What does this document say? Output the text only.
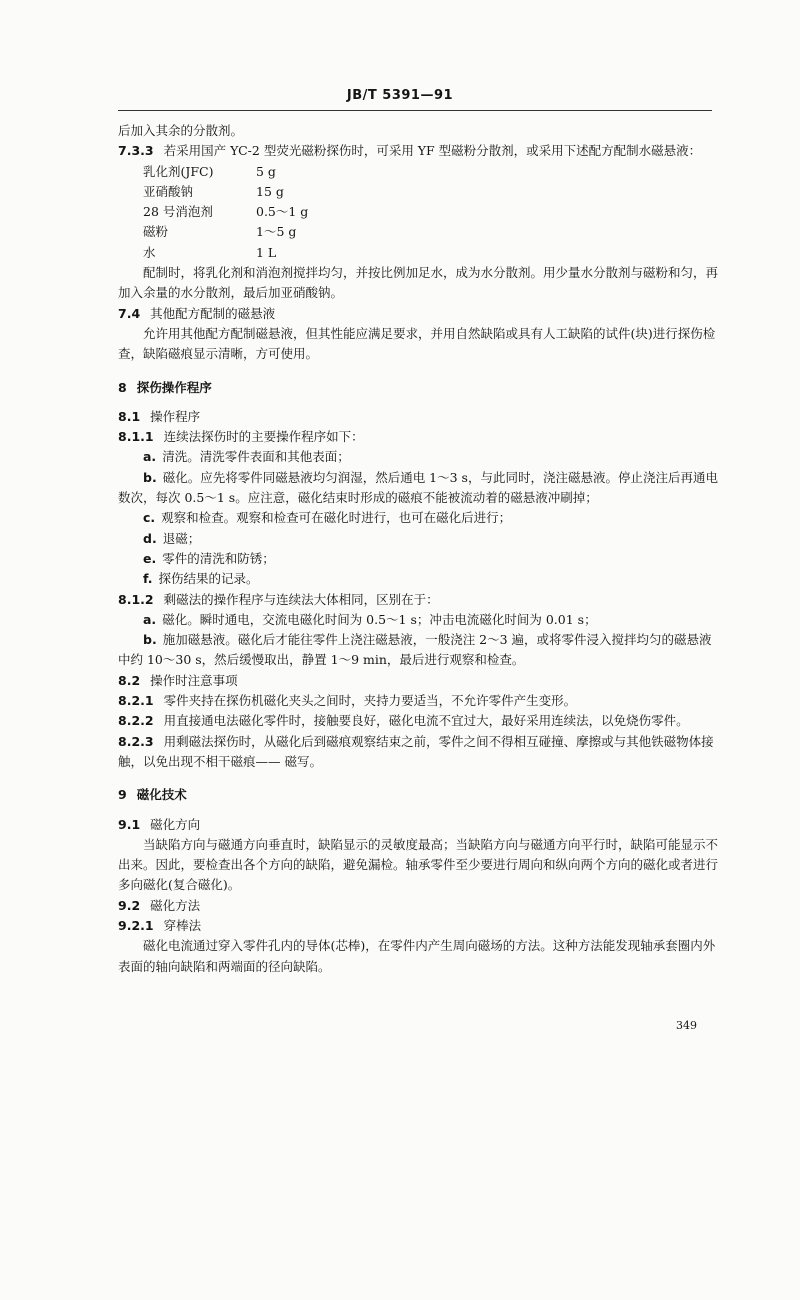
JB/T 5391—91

后加入其余的分散剂。

7.3.3 若采用国产 YC-2 型荧光磁粉探伤时，可采用 YF 型磁粉分散剂，或采用下述配方配制水磁悬液：

乳化剂(JFC)	5 g
亚硝酸钠	15 g
28 号消泡剂	0.5～1 g
磁粉	1～5 g
水	1 L

配制时，将乳化剂和消泡剂搅拌均匀，并按比例加足水，成为水分散剂。用少量水分散剂与磁粉和匀，再加入余量的水分散剂，最后加亚硝酸钠。

7.4 其他配方配制的磁悬液

允许用其他配方配制磁悬液，但其性能应满足要求，并用自然缺陷或具有人工缺陷的试件(块)进行探伤检查，缺陷磁痕显示清晰，方可使用。

8 探伤操作程序

8.1 操作程序

8.1.1 连续法探伤时的主要操作程序如下：

a. 清洗。清洗零件表面和其他表面；

b. 磁化。应先将零件同磁悬液均匀润湿，然后通电 1～3 s，与此同时，浇注磁悬液。停止浇注后再通电数次，每次 0.5～1 s。应注意，磁化结束时形成的磁痕不能被流动着的磁悬液冲刷掉；

c. 观察和检查。观察和检查可在磁化时进行，也可在磁化后进行；

d. 退磁；

e. 零件的清洗和防锈；

f. 探伤结果的记录。

8.1.2 剩磁法的操作程序与连续法大体相同，区别在于：

a. 磁化。瞬时通电，交流电磁化时间为 0.5～1 s；冲击电流磁化时间为 0.01 s；

b. 施加磁悬液。磁化后才能往零件上浇注磁悬液，一般浇注 2～3 遍，或将零件浸入搅拌均匀的磁悬液中约 10～30 s，然后缓慢取出，静置 1～9 min，最后进行观察和检查。

8.2 操作时注意事项

8.2.1 零件夹持在探伤机磁化夹头之间时，夹持力要适当，不允许零件产生变形。

8.2.2 用直接通电法磁化零件时，接触要良好，磁化电流不宜过大，最好采用连续法，以免烧伤零件。

8.2.3 用剩磁法探伤时，从磁化后到磁痕观察结束之前，零件之间不得相互碰撞、摩擦或与其他铁磁物体接触，以免出现不相干磁痕—— 磁写。

9 磁化技术

9.1 磁化方向

当缺陷方向与磁通方向垂直时，缺陷显示的灵敏度最高；当缺陷方向与磁通方向平行时，缺陷可能显示不出来。因此，要检查出各个方向的缺陷，避免漏检。轴承零件至少要进行周向和纵向两个方向的磁化或者进行多向磁化(复合磁化)。

9.2 磁化方法

9.2.1 穿棒法

磁化电流通过穿入零件孔内的导体(芯棒)，在零件内产生周向磁场的方法。这种方法能发现轴承套圈内外表面的轴向缺陷和两端面的径向缺陷。

349
